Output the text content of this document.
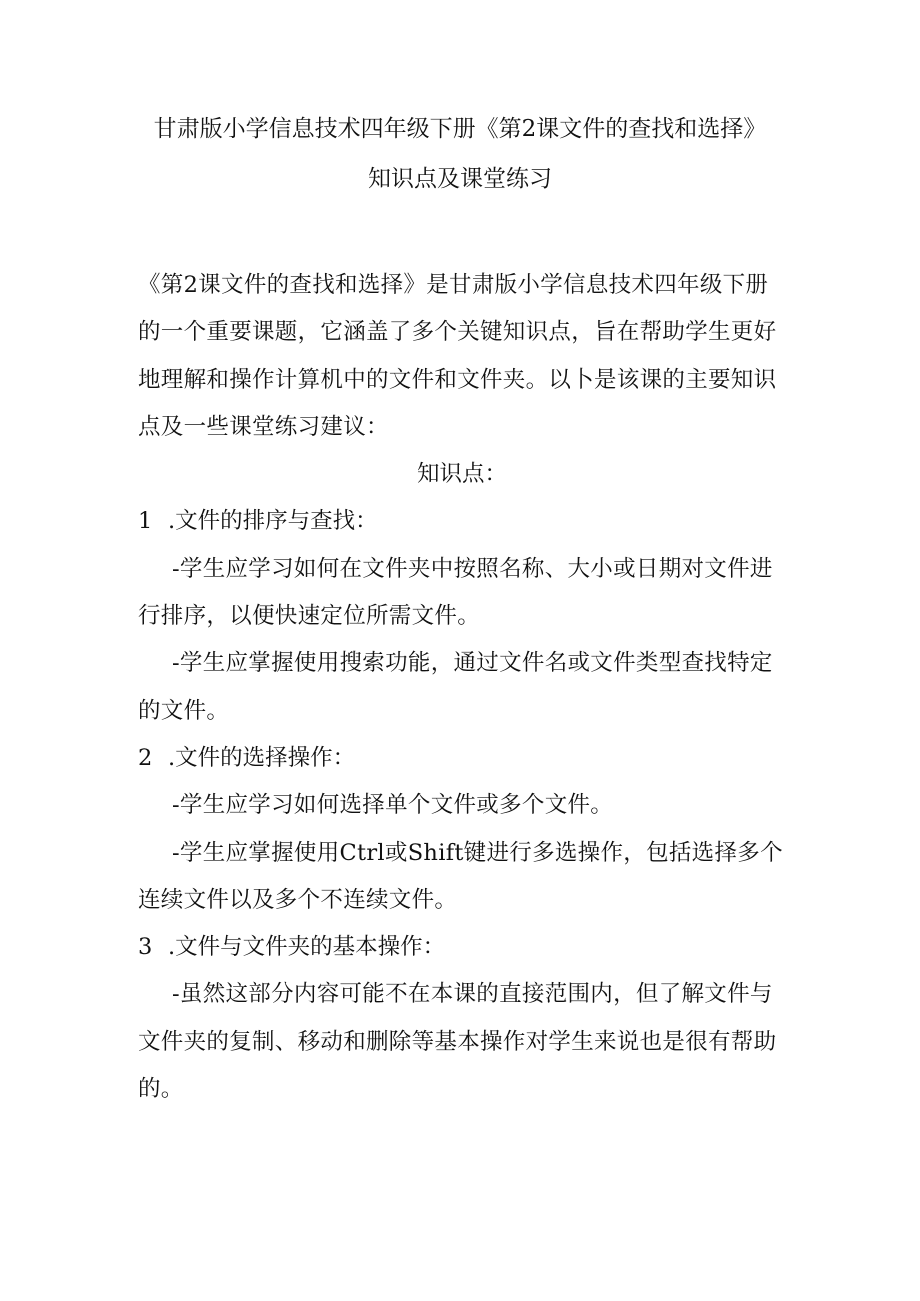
甘肃版小学信息技术四年级下册《第2课文件的查找和选择》
知识点及课堂练习

《第2课文件的查找和选择》是甘肃版小学信息技术四年级下册的一个重要课题，它涵盖了多个关键知识点，旨在帮助学生更好地理解和操作计算机中的文件和文件夹。以卜是该课的主要知识点及一些课堂练习建议：

知识点：

1 .文件的排序与查找：

-学生应学习如何在文件夹中按照名称、大小或日期对文件进行排序，以便快速定位所需文件。

-学生应掌握使用搜索功能，通过文件名或文件类型查找特定的文件。

2 .文件的选择操作：

-学生应学习如何选择单个文件或多个文件。

-学生应掌握使用Ctrl或Shift键进行多选操作，包括选择多个连续文件以及多个不连续文件。

3 .文件与文件夹的基本操作：

-虽然这部分内容可能不在本课的直接范围内，但了解文件与文件夹的复制、移动和删除等基本操作对学生来说也是很有帮助的。
